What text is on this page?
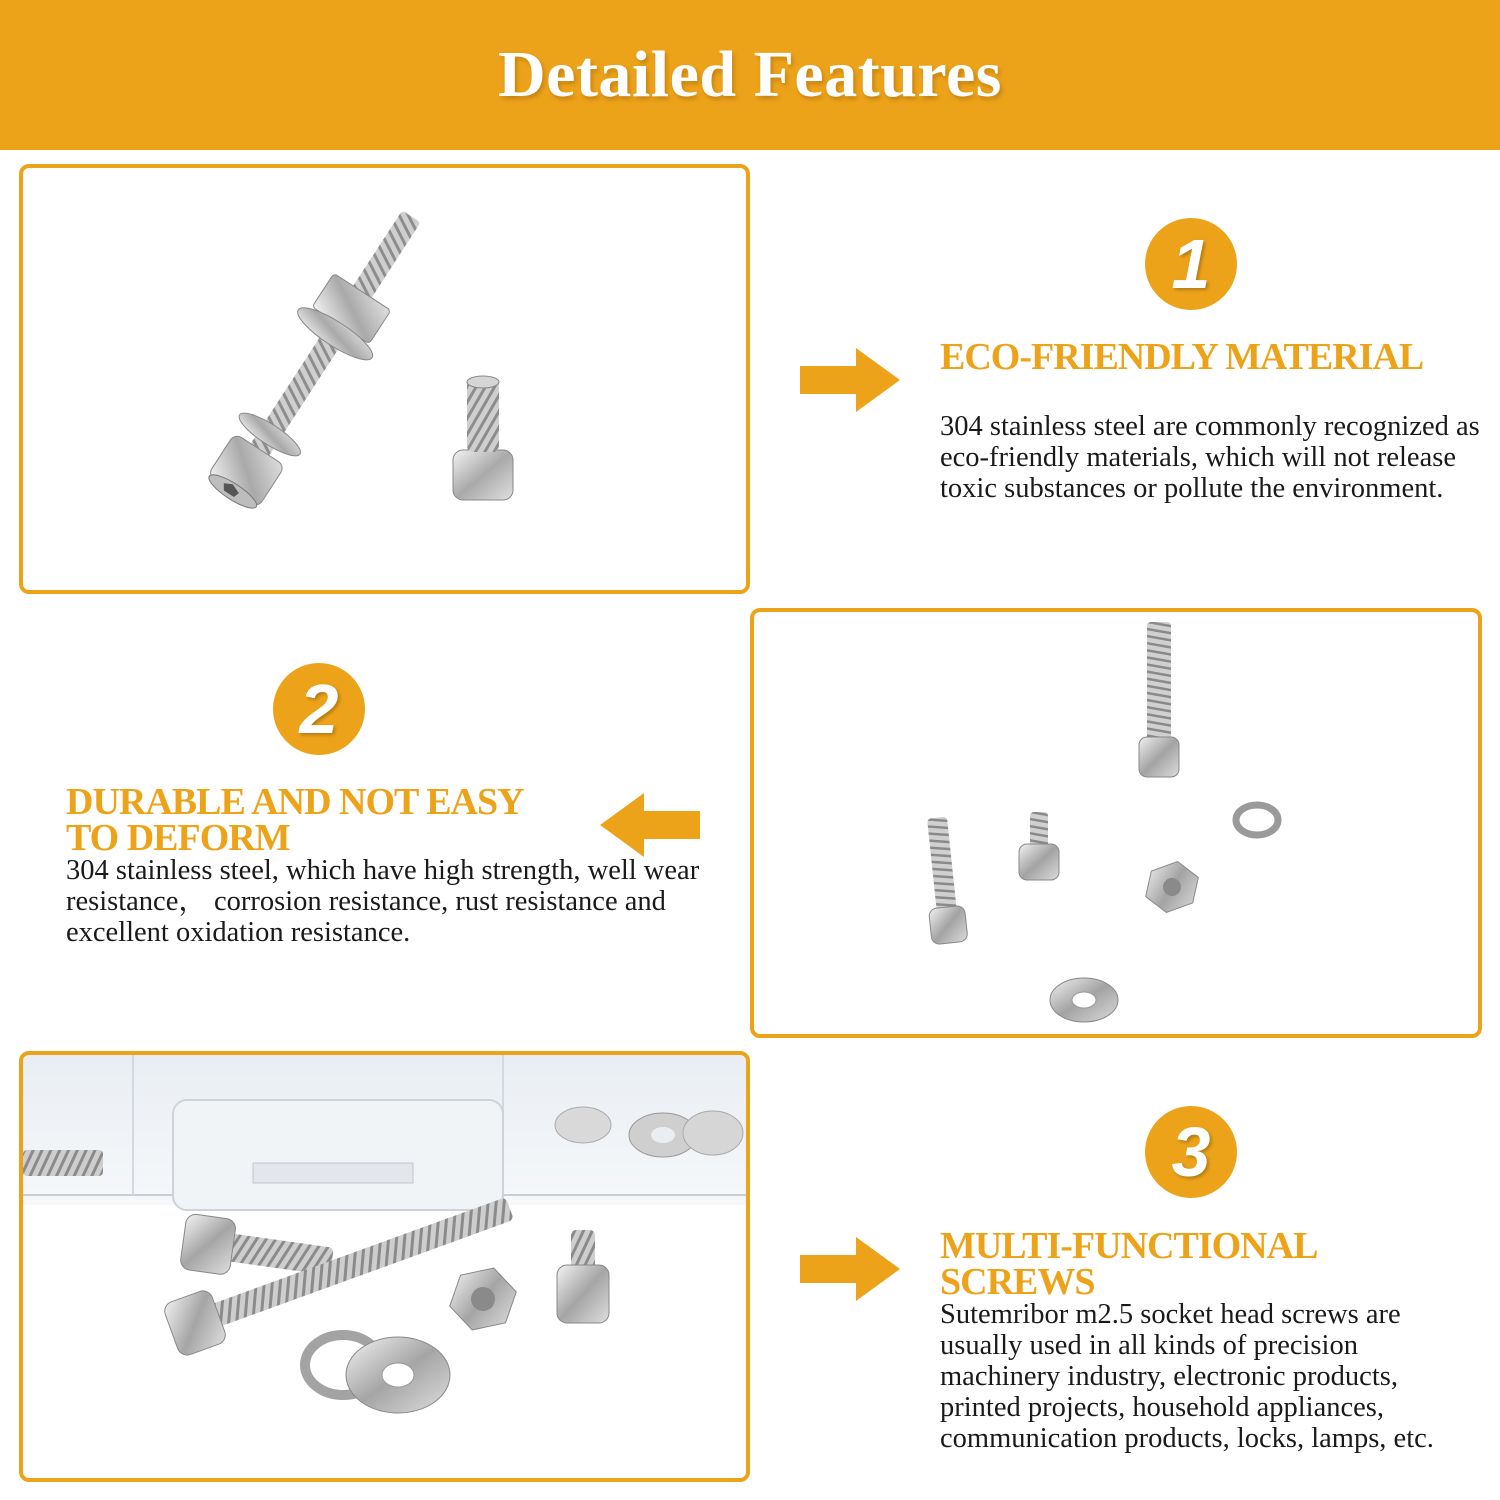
Detailed Features
1
ECO-FRIENDLY MATERIAL

304 stainless steel are commonly recognized as eco-friendly materials, which will not release toxic substances or pollute the environment.

2
DURABLE AND NOT EASY
TO DEFORM

304 stainless steel, which have high strength, well wear resistance， corrosion resistance, rust resistance and excellent oxidation resistance.

3
MULTI-FUNCTIONAL
SCREWS

Sutemribor m2.5 socket head screws are usually used in all kinds of precision machinery industry, electronic products, printed projects, household appliances, communication products, locks, lamps, etc.
